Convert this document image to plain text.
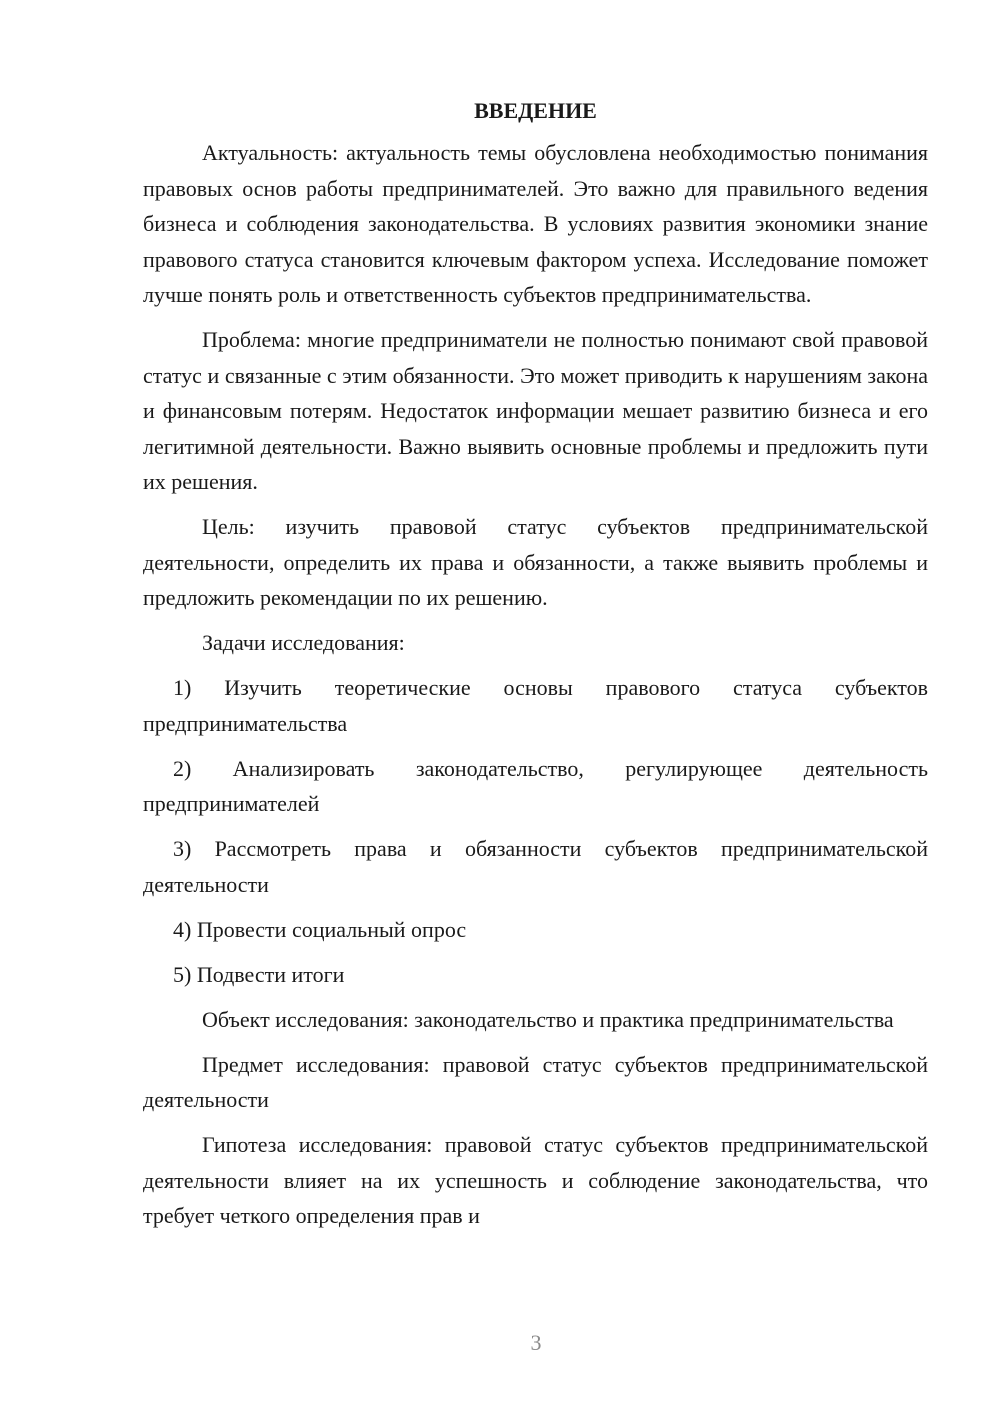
ВВЕДЕНИЕ

Актуальность: актуальность темы обусловлена необходимостью понимания правовых основ работы предпринимателей. Это важно для правильного ведения бизнеса и соблюдения законодательства. В условиях развития экономики знание правового статуса становится ключевым фактором успеха. Исследование поможет лучше понять роль и ответственность субъектов предпринимательства.

Проблема: многие предприниматели не полностью понимают свой правовой статус и связанные с этим обязанности. Это может приводить к нарушениям закона и финансовым потерям. Недостаток информации мешает развитию бизнеса и его легитимной деятельности. Важно выявить основные проблемы и предложить пути их решения.

Цель: изучить правовой статус субъектов предпринимательской деятельности, определить их права и обязанности, а также выявить проблемы и предложить рекомендации по их решению.

Задачи исследования:

1) Изучить теоретические основы правового статуса субъектов предпринимательства

2) Анализировать законодательство, регулирующее деятельность предпринимателей

3) Рассмотреть права и обязанности субъектов предпринимательской деятельности

4) Провести социальный опрос

5) Подвести итоги

Объект исследования: законодательство и практика предпринимательства

Предмет исследования: правовой статус субъектов предпринимательской деятельности

Гипотеза исследования: правовой статус субъектов предпринимательской деятельности влияет на их успешность и соблюдение законодательства, что требует четкого определения прав и

3
